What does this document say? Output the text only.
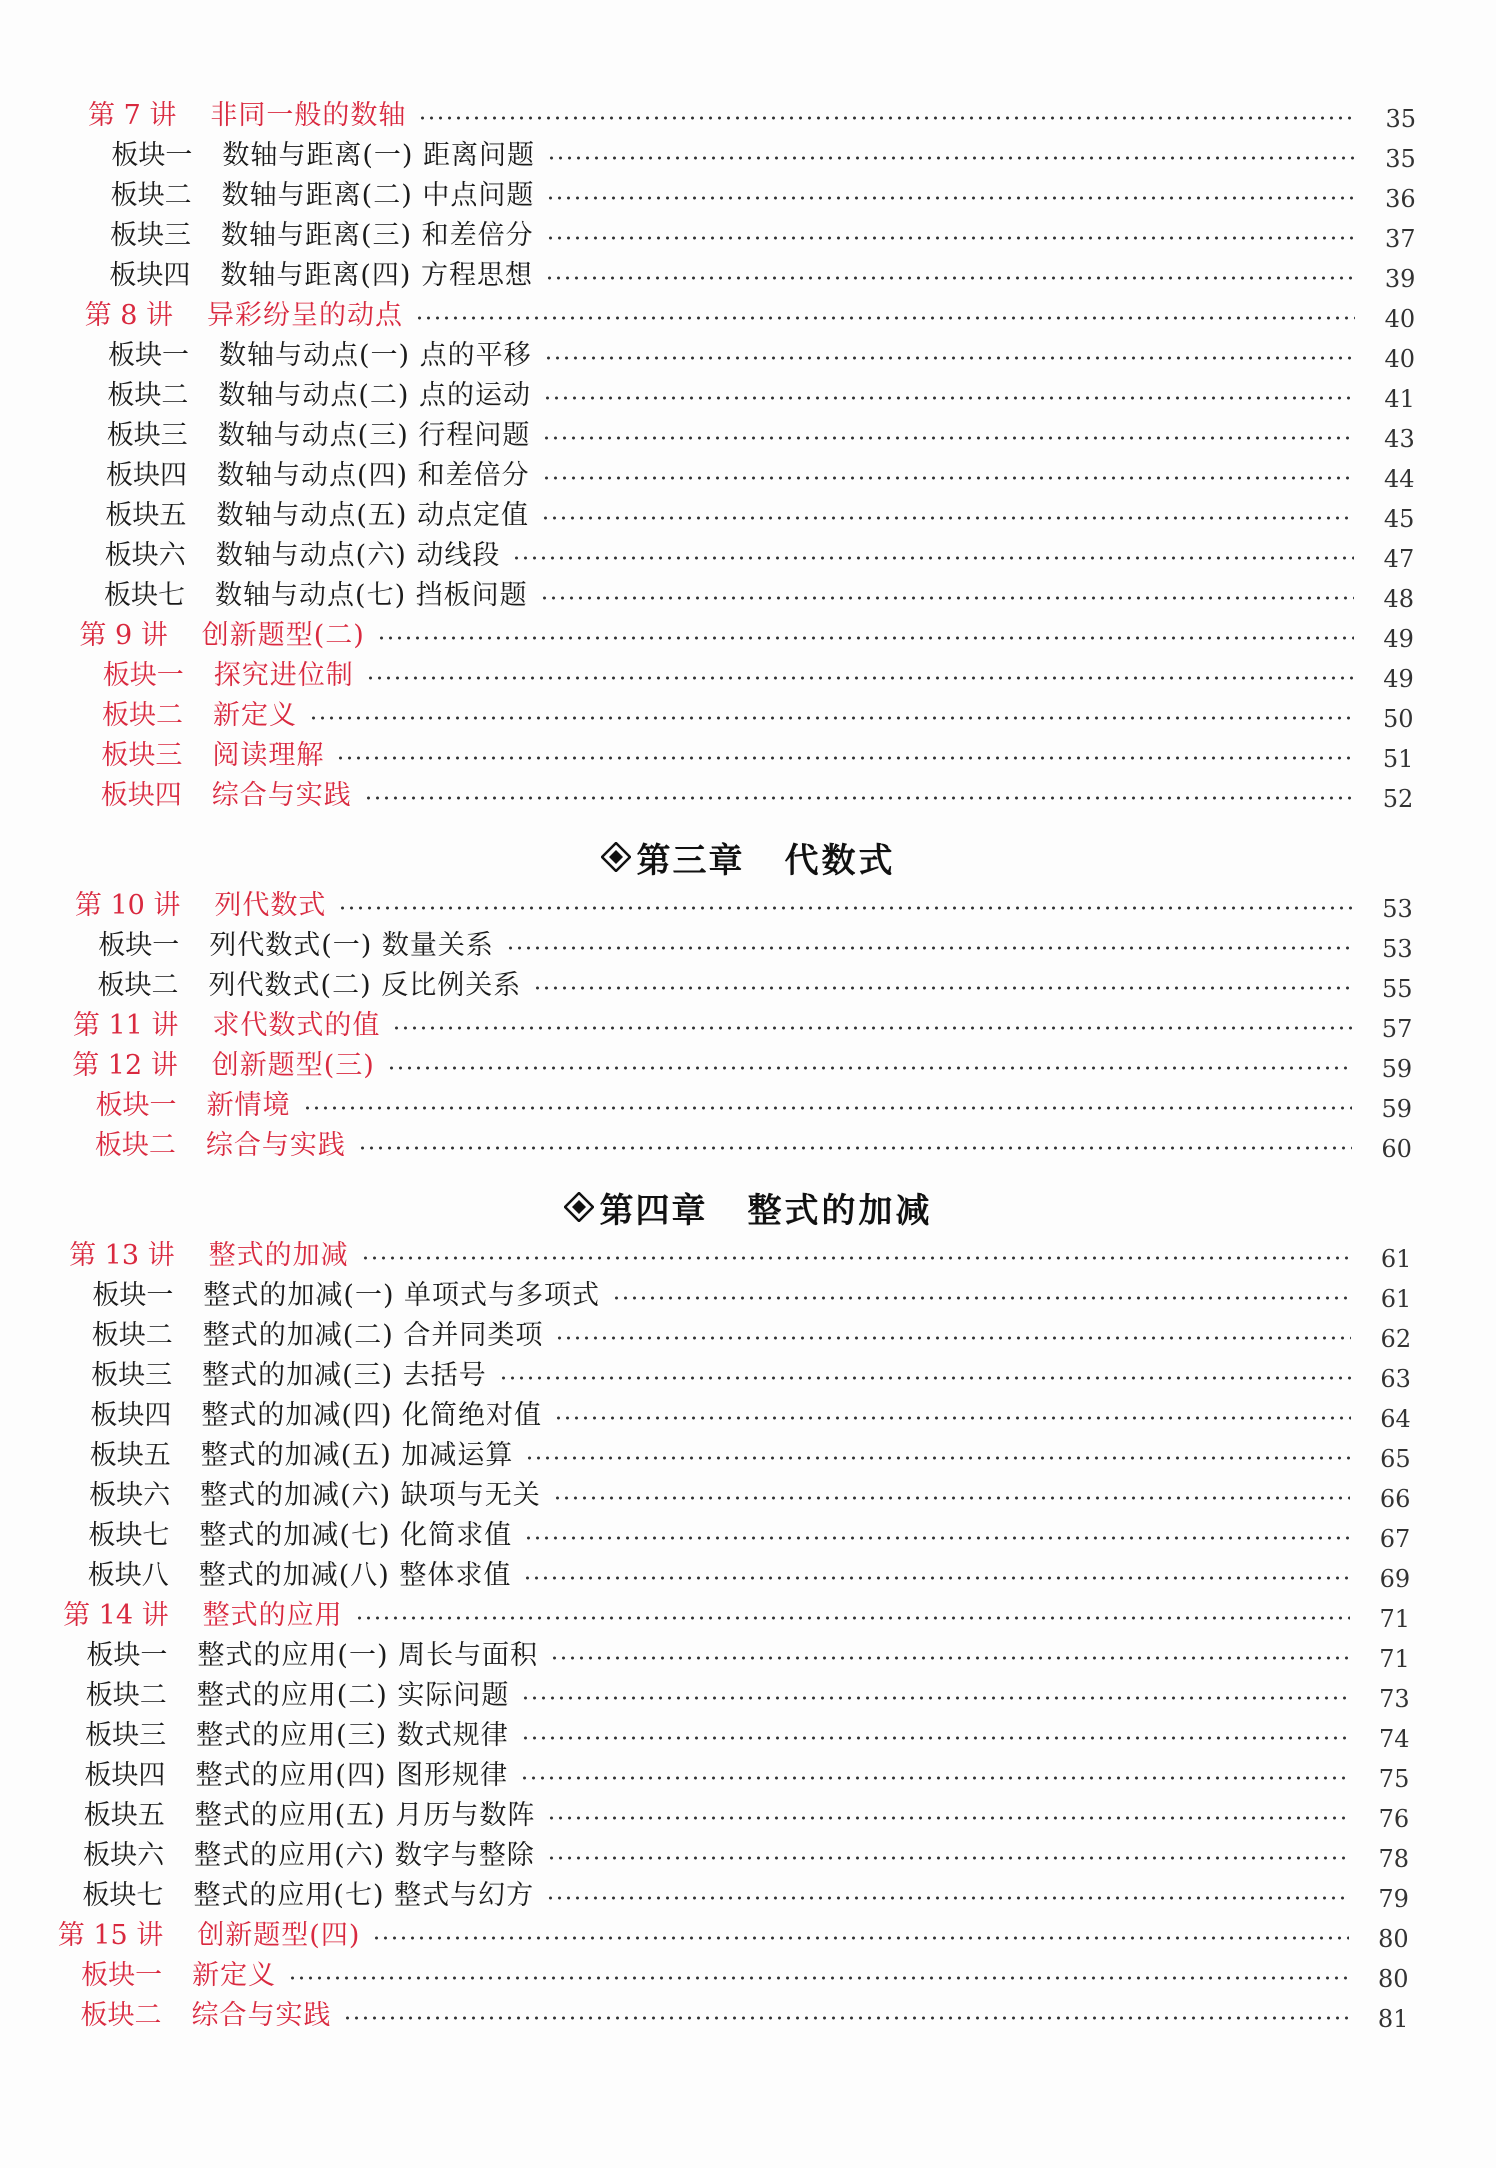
第 7 讲 非同一般的数轴	35
板块一 数轴与距离(一) 距离问题	35
板块二 数轴与距离(二) 中点问题	36
板块三 数轴与距离(三) 和差倍分	37
板块四 数轴与距离(四) 方程思想	39
第 8 讲 异彩纷呈的动点	40
板块一 数轴与动点(一) 点的平移	40
板块二 数轴与动点(二) 点的运动	41
板块三 数轴与动点(三) 行程问题	43
板块四 数轴与动点(四) 和差倍分	44
板块五 数轴与动点(五) 动点定值	45
板块六 数轴与动点(六) 动线段	47
板块七 数轴与动点(七) 挡板问题	48
第 9 讲 创新题型(二)	49
板块一 探究进位制	49
板块二 新定义	50
板块三 阅读理解	51
板块四 综合与实践	52
第三章 代数式
第 10 讲 列代数式	53
板块一 列代数式(一) 数量关系	53
板块二 列代数式(二) 反比例关系	55
第 11 讲 求代数式的值	57
第 12 讲 创新题型(三)	59
板块一 新情境	59
板块二 综合与实践	60
第四章 整式的加减
第 13 讲 整式的加减	61
板块一 整式的加减(一) 单项式与多项式	61
板块二 整式的加减(二) 合并同类项	62
板块三 整式的加减(三) 去括号	63
板块四 整式的加减(四) 化简绝对值	64
板块五 整式的加减(五) 加减运算	65
板块六 整式的加减(六) 缺项与无关	66
板块七 整式的加减(七) 化简求值	67
板块八 整式的加减(八) 整体求值	69
第 14 讲 整式的应用	71
板块一 整式的应用(一) 周长与面积	71
板块二 整式的应用(二) 实际问题	73
板块三 整式的应用(三) 数式规律	74
板块四 整式的应用(四) 图形规律	75
板块五 整式的应用(五) 月历与数阵	76
板块六 整式的应用(六) 数字与整除	78
板块七 整式的应用(七) 整式与幻方	79
第 15 讲 创新题型(四)	80
板块一 新定义	80
板块二 综合与实践	81
